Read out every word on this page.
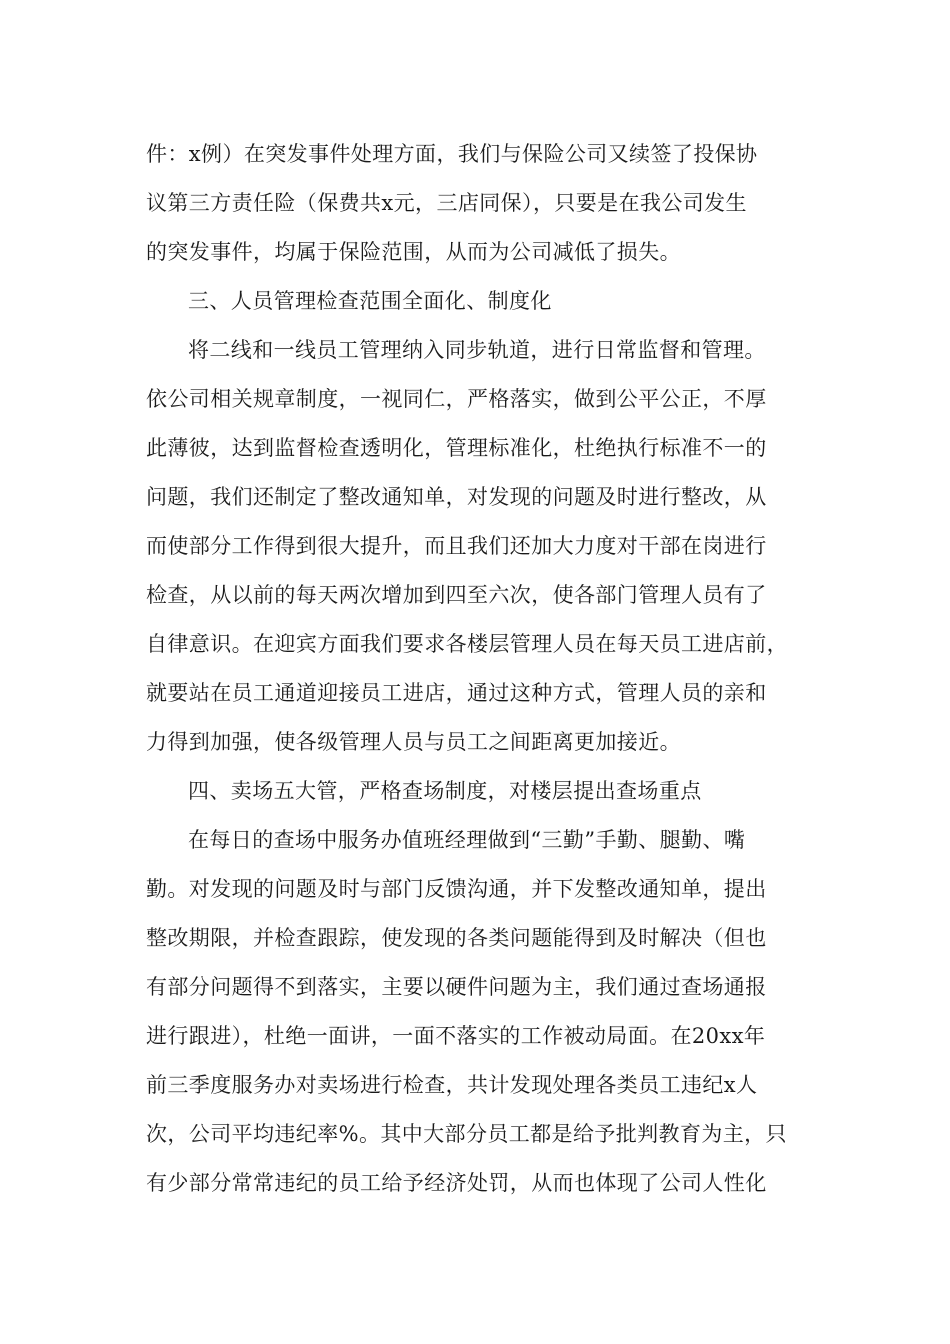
件：x例）在突发事件处理方面，我们与保险公司又续签了投保协
议第三方责任险（保费共x元，三店同保），只要是在我公司发生
的突发事件，均属于保险范围，从而为公司减低了损失。
三、人员管理检查范围全面化、制度化
将二线和一线员工管理纳入同步轨道，进行日常监督和管理。
依公司相关规章制度，一视同仁，严格落实，做到公平公正，不厚
此薄彼，达到监督检查透明化，管理标准化，杜绝执行标准不一的
问题，我们还制定了整改通知单，对发现的问题及时进行整改，从
而使部分工作得到很大提升，而且我们还加大力度对干部在岗进行
检查，从以前的每天两次增加到四至六次，使各部门管理人员有了
自律意识。在迎宾方面我们要求各楼层管理人员在每天员工进店前，
就要站在员工通道迎接员工进店，通过这种方式，管理人员的亲和
力得到加强，使各级管理人员与员工之间距离更加接近。
四、卖场五大管，严格查场制度，对楼层提出查场重点
在每日的查场中服务办值班经理做到“三勤”手勤、腿勤、嘴
勤。对发现的问题及时与部门反馈沟通，并下发整改通知单，提出
整改期限，并检查跟踪，使发现的各类问题能得到及时解决（但也
有部分问题得不到落实，主要以硬件问题为主，我们通过查场通报
进行跟进），杜绝一面讲，一面不落实的工作被动局面。在20xx年
前三季度服务办对卖场进行检查，共计发现处理各类员工违纪x人
次，公司平均违纪率%。其中大部分员工都是给予批判教育为主，只
有少部分常常违纪的员工给予经济处罚，从而也体现了公司人性化
